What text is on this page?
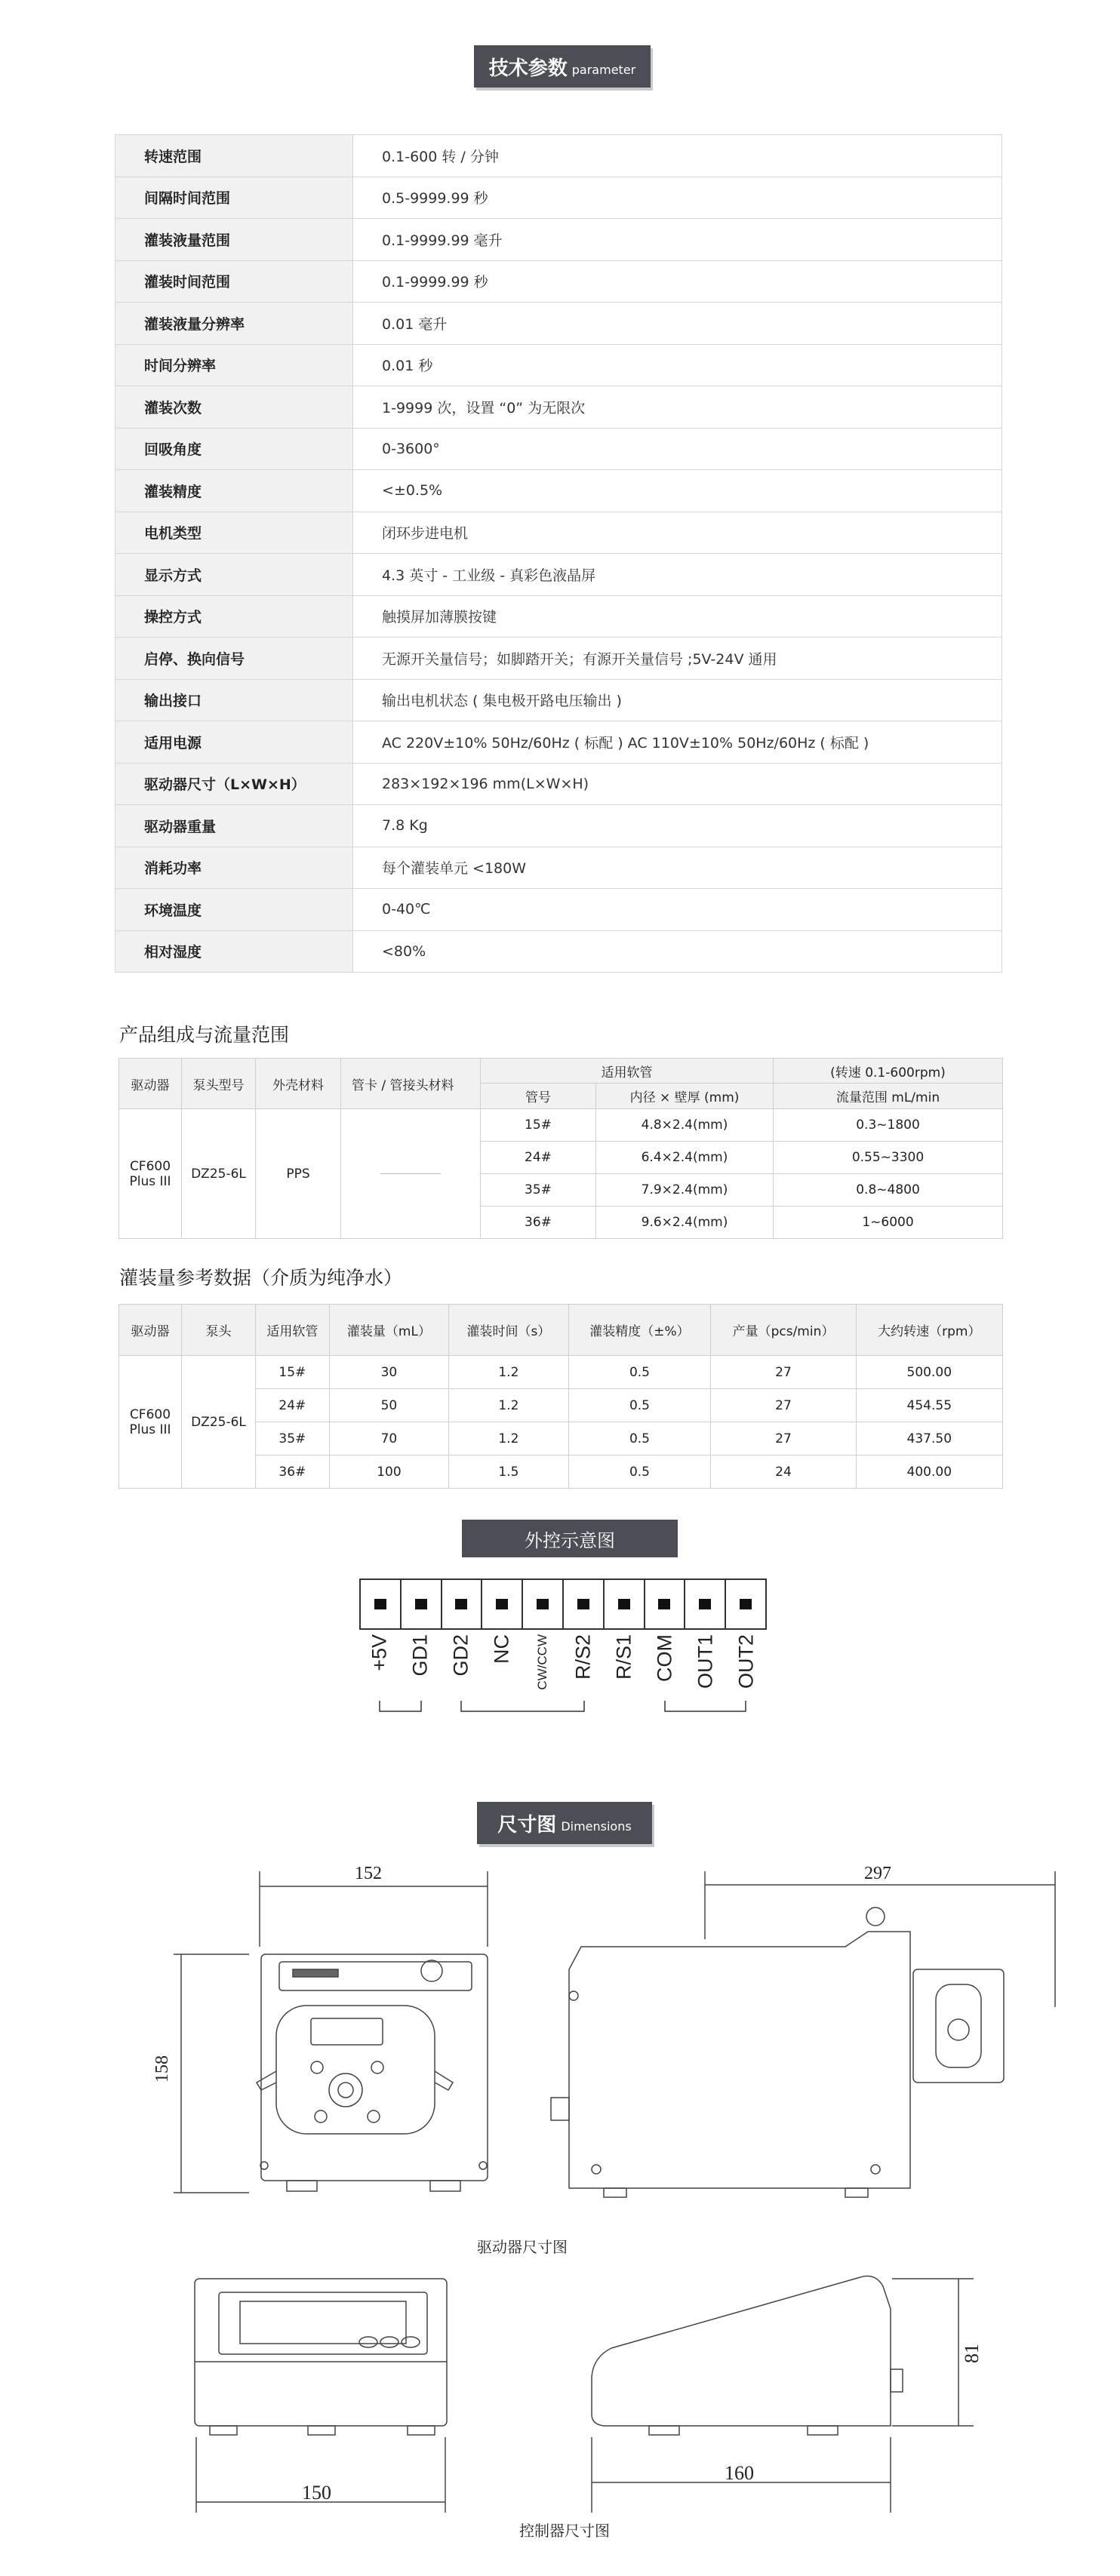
技术参数 parameter
转速范围	0.1-600 转 / 分钟
间隔时间范围	0.5-9999.99 秒
灌装液量范围	0.1-9999.99 毫升
灌装时间范围	0.1-9999.99 秒
灌装液量分辨率	0.01 毫升
时间分辨率	0.01 秒
灌装次数	1-9999 次，设置 “0” 为无限次
回吸角度	0-3600°
灌装精度	<±0.5%
电机类型	闭环步进电机
显示方式	4.3 英寸 - 工业级 - 真彩色液晶屏
操控方式	触摸屏加薄膜按键
启停、换向信号	无源开关量信号；如脚踏开关；有源开关量信号 ;5V-24V 通用
输出接口	输出电机状态 ( 集电极开路电压输出 )
适用电源	AC 220V±10% 50Hz/60Hz ( 标配 ) AC 110V±10% 50Hz/60Hz ( 标配 )
驱动器尺寸（L×W×H）	283×192×196 mm(L×W×H)
驱动器重量	7.8 Kg
消耗功率	每个灌装单元 <180W
环境温度	0-40℃
相对湿度	<80%
产品组成与流量范围
驱动器	泵头型号	外壳材料	管卡 / 管接头材料	适用软管		(转速 0.1-600rpm)
				管号	内径 × 壁厚 (mm)	流量范围 mL/min
CF600 Plus III	DZ25-6L	PPS		15#	4.8×2.4(mm)	0.3~1800
				24#	6.4×2.4(mm)	0.55~3300
				35#	7.9×2.4(mm)	0.8~4800
				36#	9.6×2.4(mm)	1~6000
灌装量参考数据（介质为纯净水）
驱动器	泵头	适用软管	灌装量（mL）	灌装时间（s）	灌装精度（±%）	产量（pcs/min）	大约转速（rpm）
CF600 Plus III	DZ25-6L	15#	30	1.2	0.5	27	500.00
		24#	50	1.2	0.5	27	454.55
		35#	70	1.2	0.5	27	437.50
		36#	100	1.5	0.5	24	400.00
外控示意图
+5V GD1 GD2 NC CW/CCW R/S2 R/S1 COM OUT1 OUT2
尺寸图 Dimensions
152	297
158
驱动器尺寸图
150
160
81
控制器尺寸图
